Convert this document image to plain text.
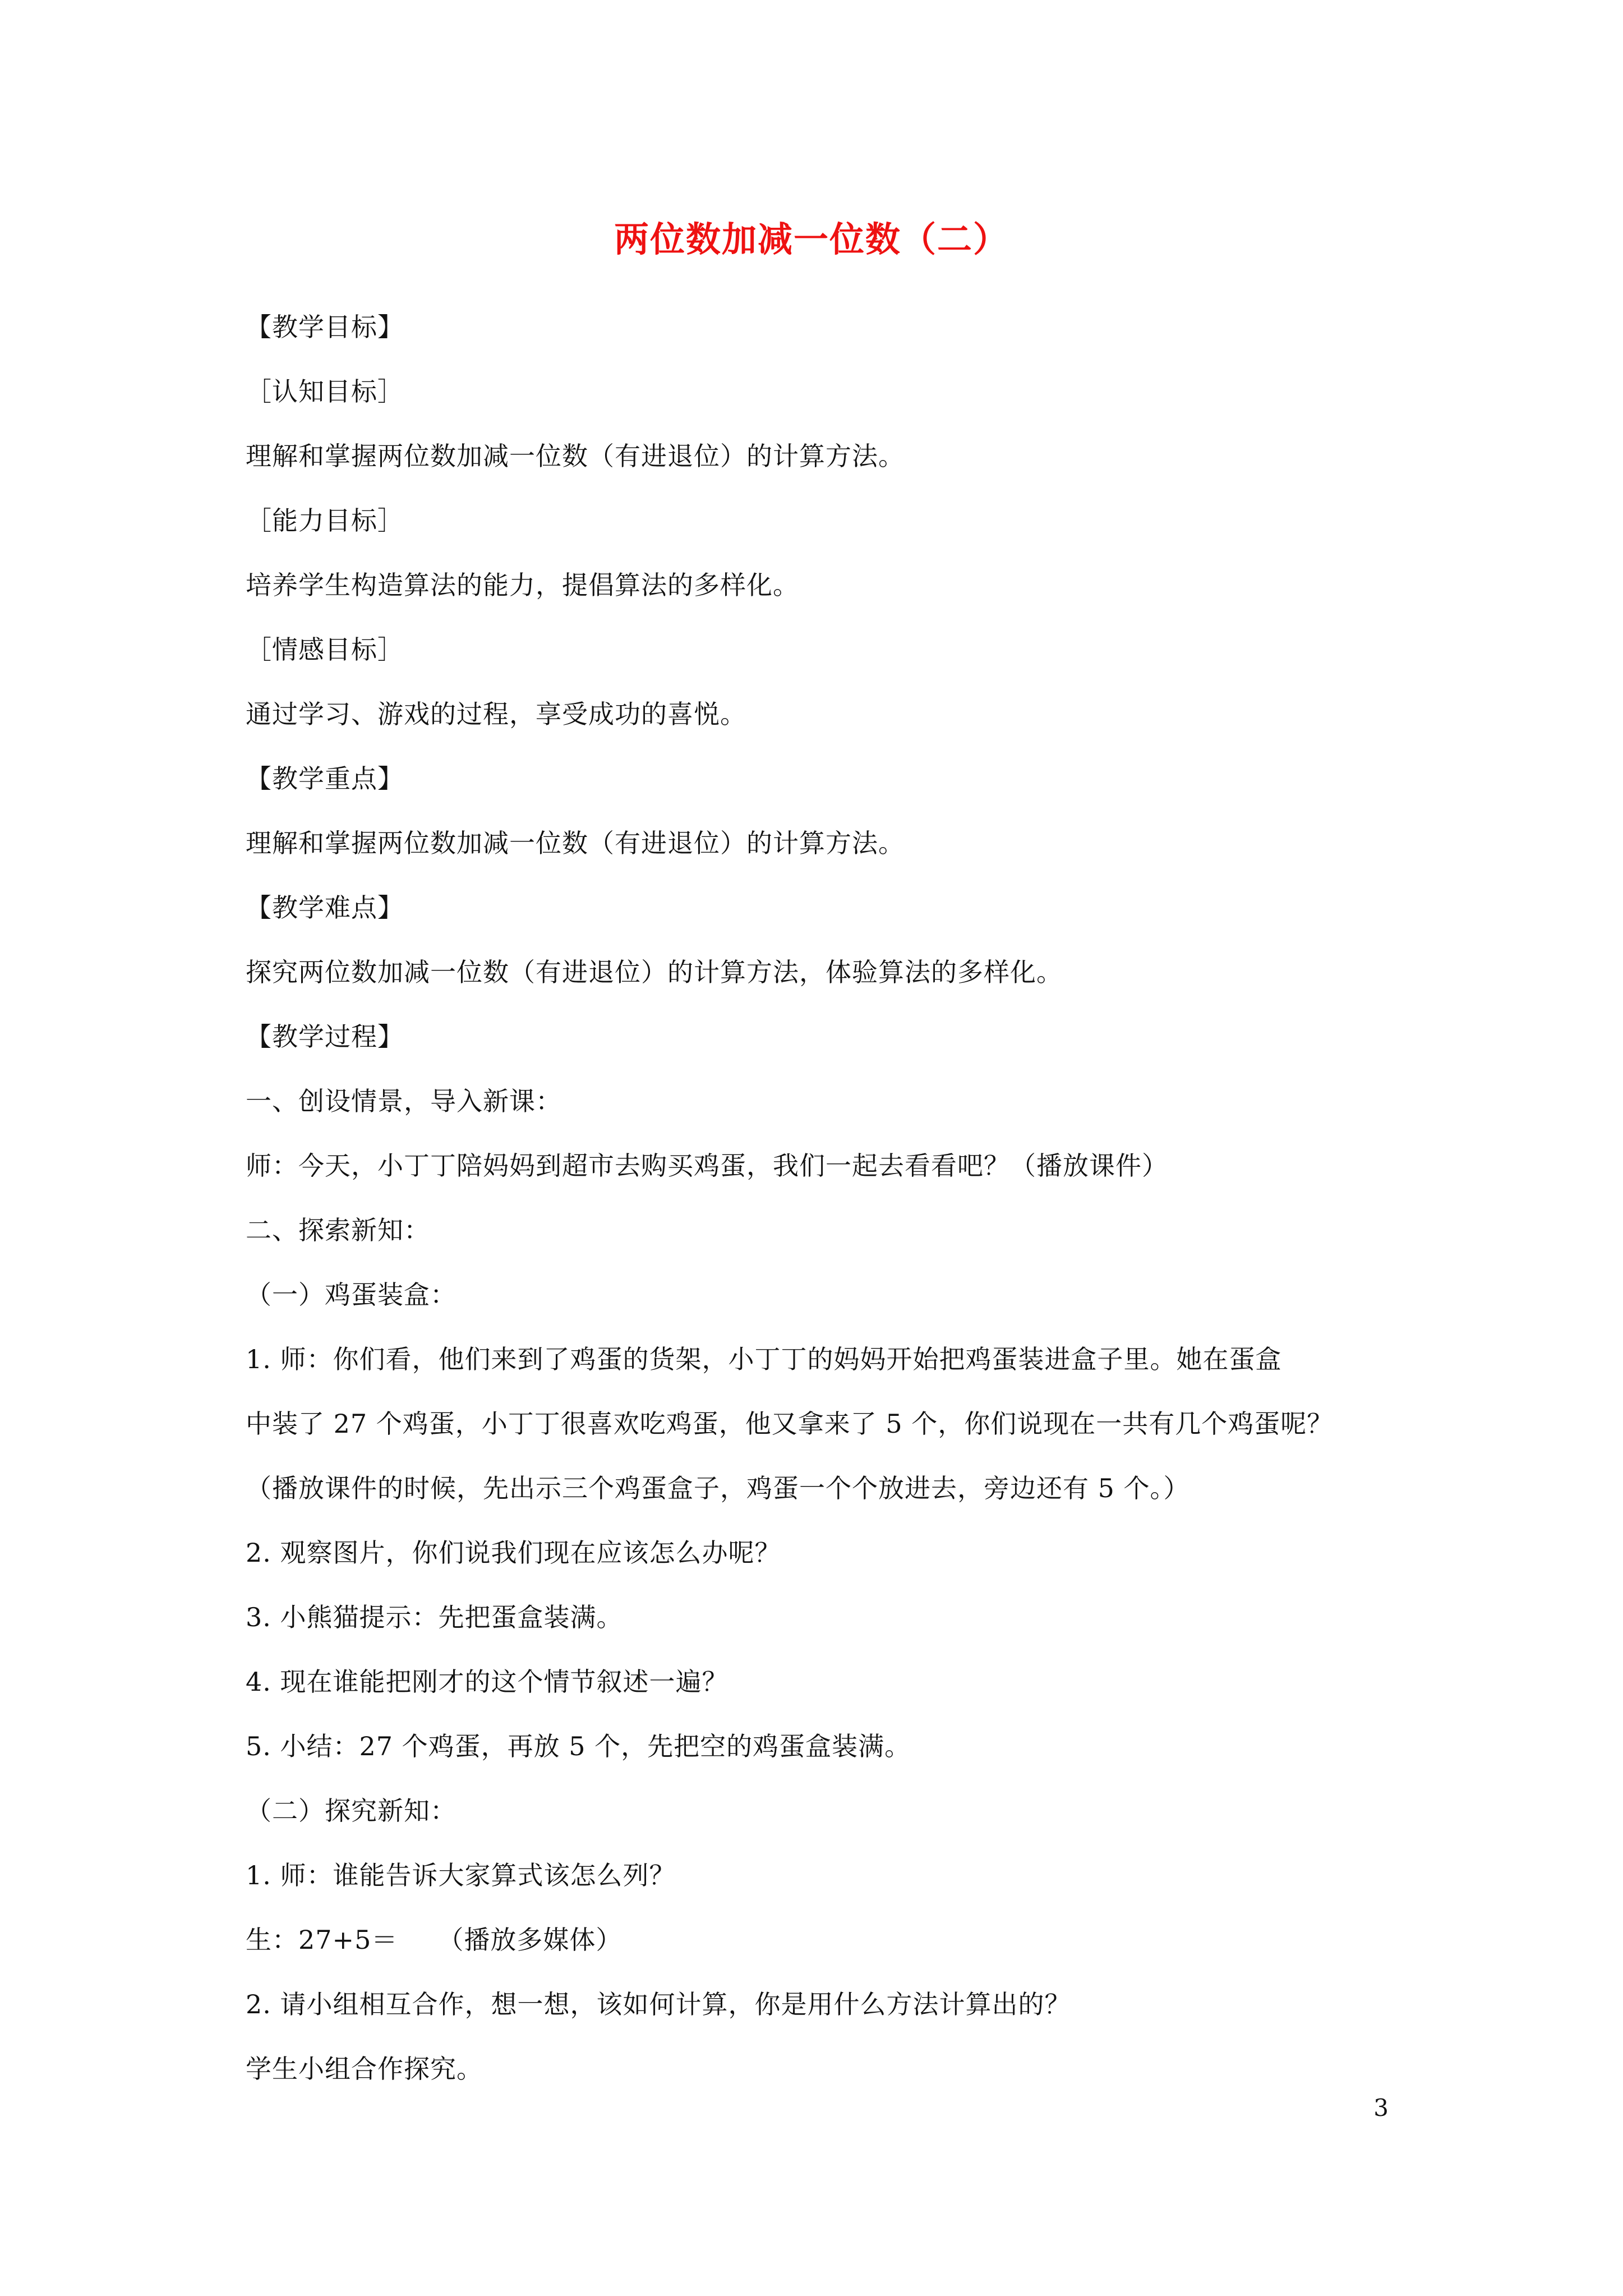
两位数加减一位数（二）
【教学目标】
［认知目标］
理解和掌握两位数加减一位数（有进退位）的计算方法。
［能力目标］
培养学生构造算法的能力，提倡算法的多样化。
［情感目标］
通过学习、游戏的过程，享受成功的喜悦。
【教学重点】
理解和掌握两位数加减一位数（有进退位）的计算方法。
【教学难点】
探究两位数加减一位数（有进退位）的计算方法，体验算法的多样化。
【教学过程】
一、创设情景，导入新课：
师：今天，小丁丁陪妈妈到超市去购买鸡蛋，我们一起去看看吧？（播放课件）
二、探索新知：
（一）鸡蛋装盒：
1. 师：你们看，他们来到了鸡蛋的货架，小丁丁的妈妈开始把鸡蛋装进盒子里。她在蛋盒
中装了 27 个鸡蛋，小丁丁很喜欢吃鸡蛋，他又拿来了 5 个，你们说现在一共有几个鸡蛋呢？
（播放课件的时候，先出示三个鸡蛋盒子，鸡蛋一个个放进去，旁边还有 5 个。）
2. 观察图片，你们说我们现在应该怎么办呢？
3. 小熊猫提示：先把蛋盒装满。
4. 现在谁能把刚才的这个情节叙述一遍？
5. 小结：27 个鸡蛋，再放 5 个，先把空的鸡蛋盒装满。
（二）探究新知：
1. 师：谁能告诉大家算式该怎么列？
生：27+5＝　　（播放多媒体）
2. 请小组相互合作，想一想，该如何计算，你是用什么方法计算出的？
学生小组合作探究。
3
